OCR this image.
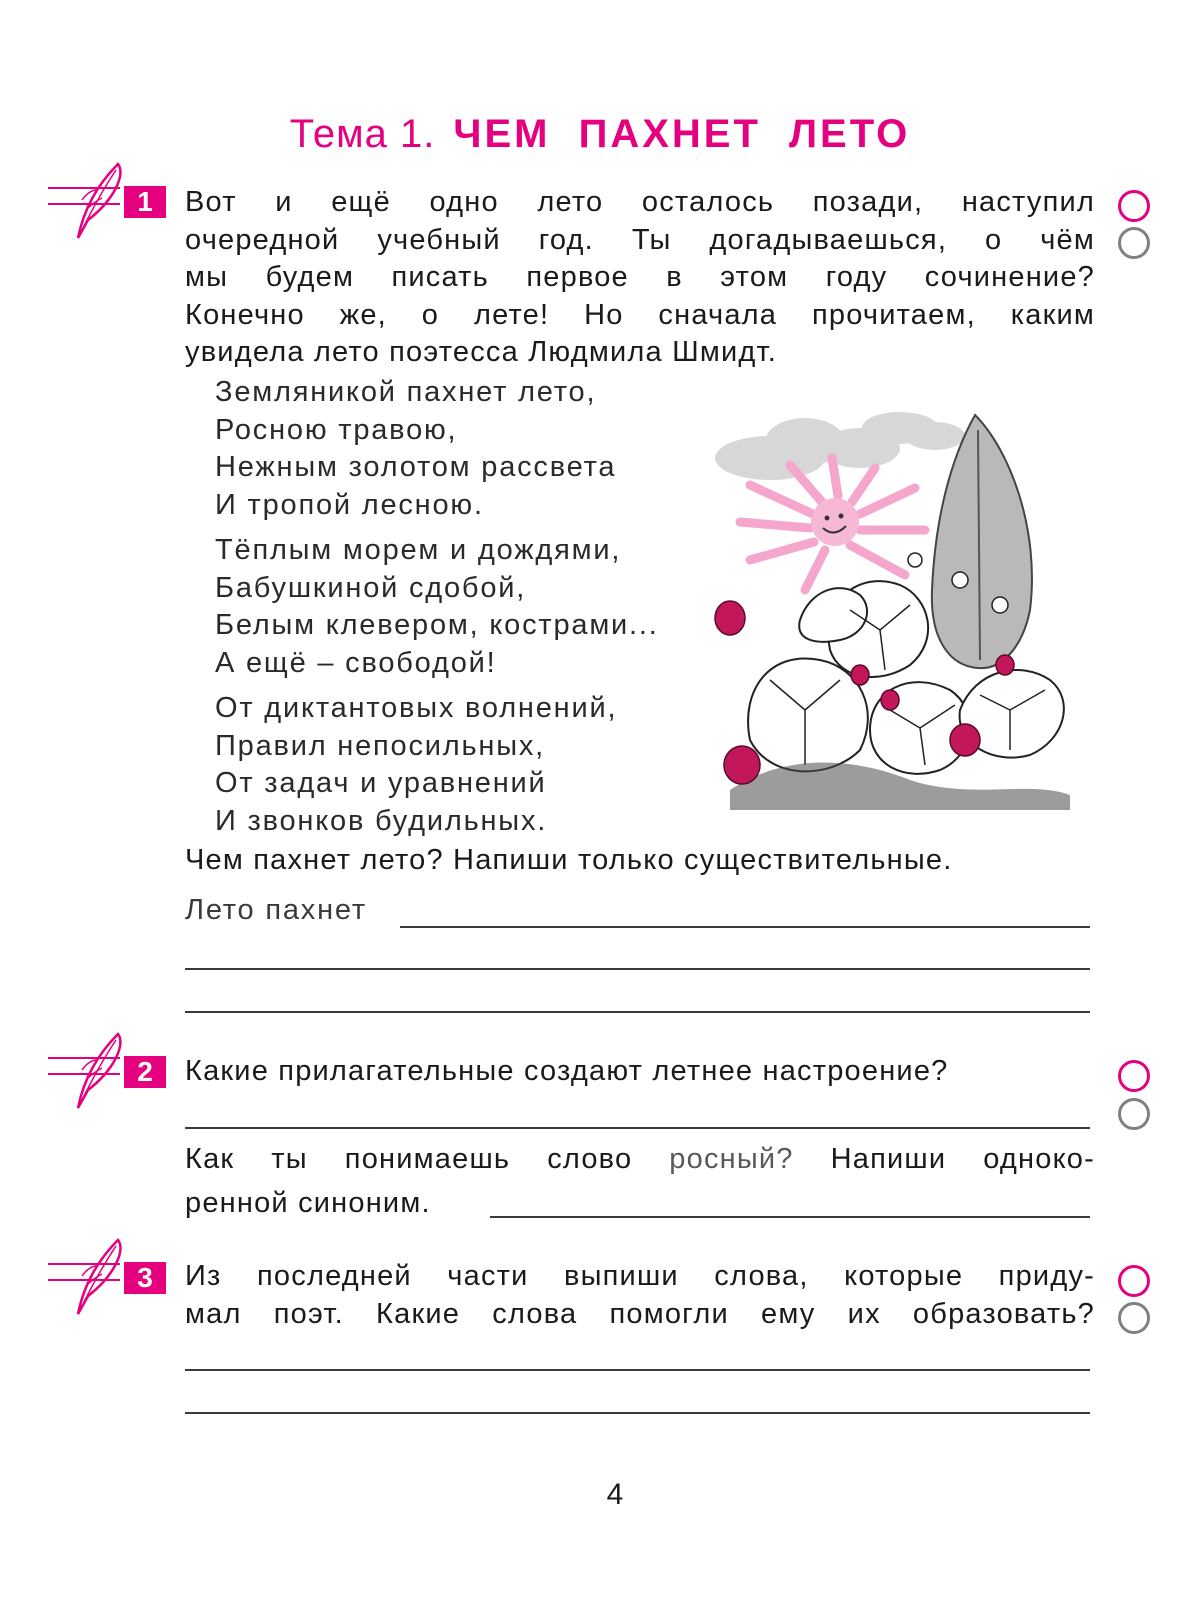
Тема 1. ЧЕМ ПАХНЕТ ЛЕТО
1	Вот и ещё одно лето осталось позади, наступил
очередной учебный год. Ты догадываешься, о чём
мы будем писать первое в этом году сочинение?
Конечно же, о лете! Но сначала прочитаем, каким
увидела лето поэтесса Людмила Шмидт.
Земляникой пахнет лето,
Росною травою,
Нежным золотом рассвета
И тропой лесною.
Тёплым морем и дождями,
Бабушкиной сдобой,
Белым клевером, кострами...
А ещё – свободой!
От диктантовых волнений,
Правил непосильных,
От задач и уравнений
И звонков будильных.
Чем пахнет лето? Напиши только существительные.
Лето пахнет
2	Какие прилагательные создают летнее настроение?
Как ты понимаешь слово росный? Напиши одноко-
ренной синоним.
3	Из последней части выпиши слова, которые приду-
мал поэт. Какие слова помогли ему их образовать?
4
